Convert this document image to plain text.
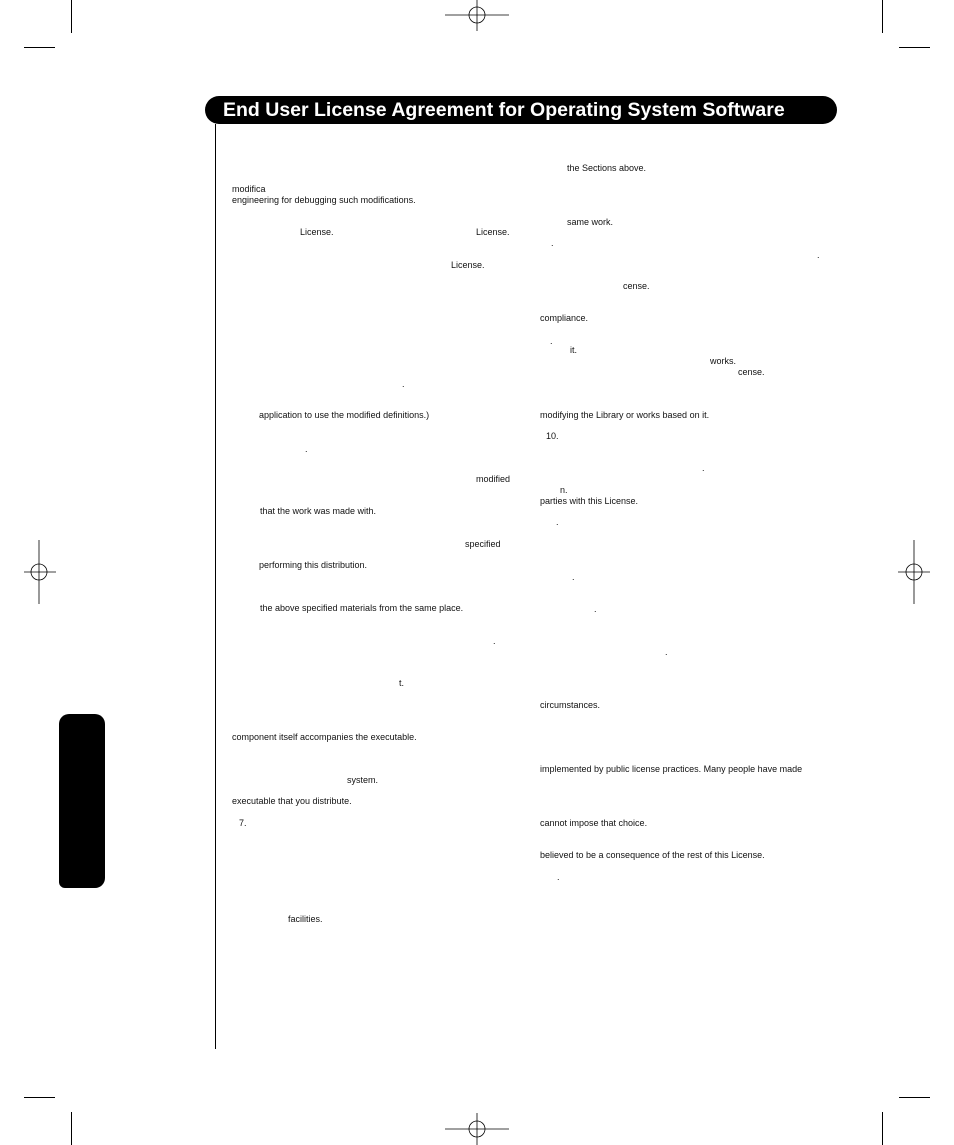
End User License Agreement for Operating System Software
modifica
engineering for debugging such modifications.
License.	License.
License.
.
application to use the modified definitions.)
.
modified
that the work was made with.
specified
performing this distribution.
the above specified materials from the same place.
.
t.
component itself accompanies the executable.
system.
executable that you distribute.
7.
facilities.
the Sections above.
same work.
.
.
cense.
compliance.
.
it.
works.
cense.
modifying the Library or works based on it.
10.
.
n.
parties with this License.
.
.
.
.
circumstances.
implemented by public license practices. Many people have made
cannot impose that choice.
believed to be a consequence of the rest of this License.
.
